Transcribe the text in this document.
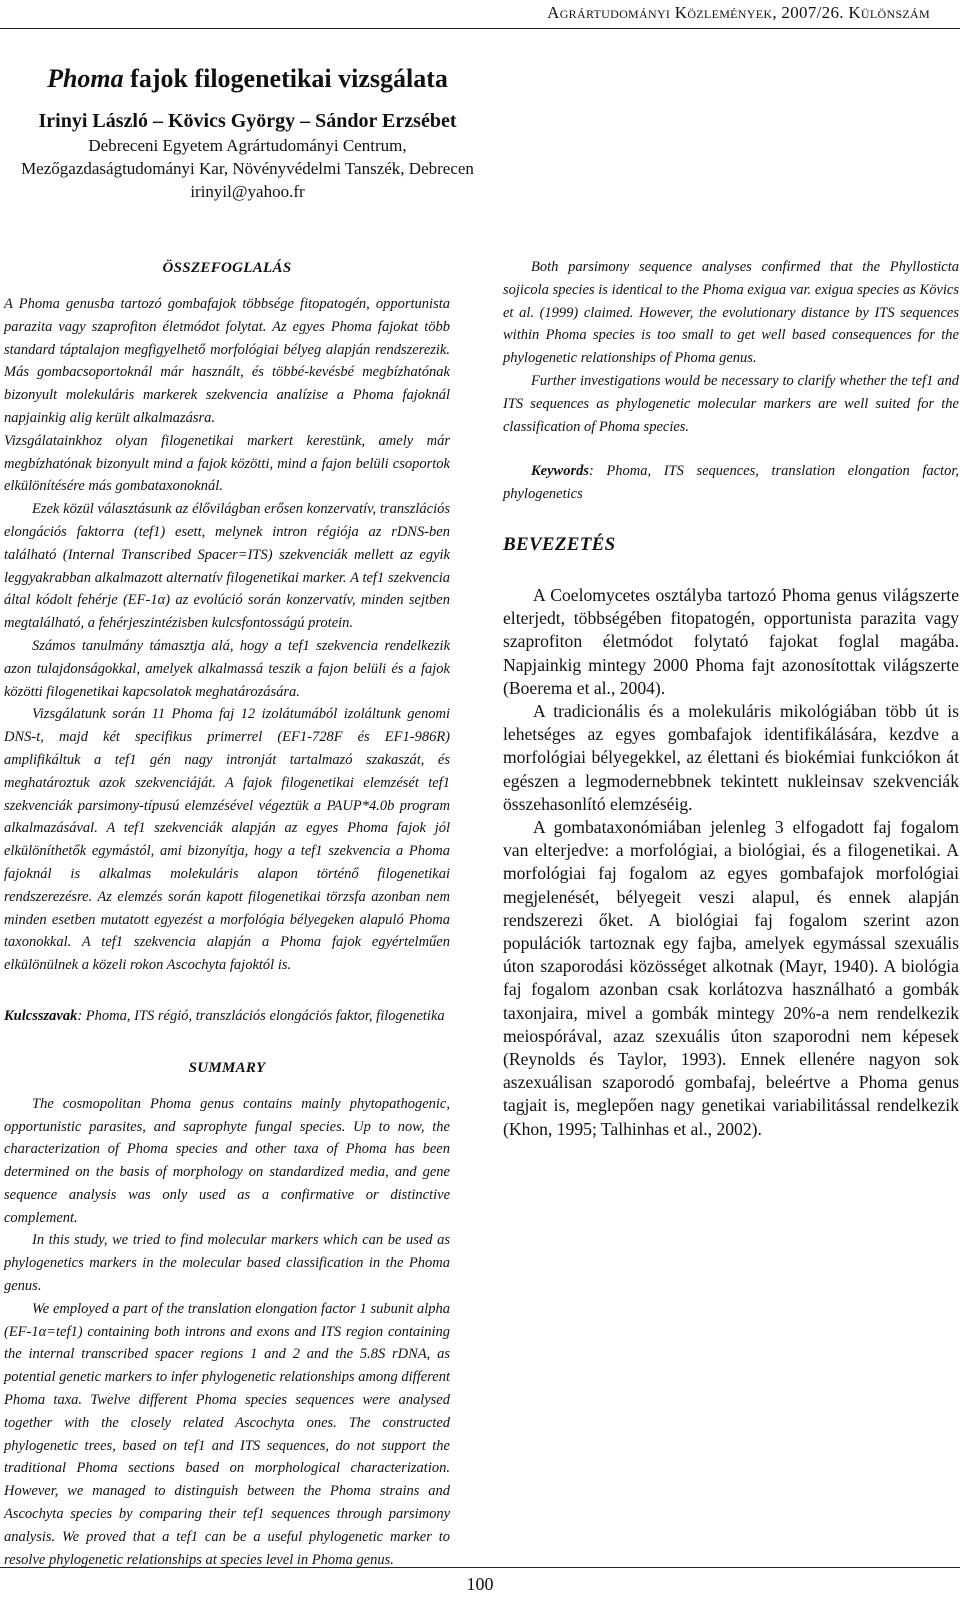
Agrártudományi Közlemények, 2007/26. Különszám
Phoma fajok filogenetikai vizsgálata
Irinyi László – Kövics György – Sándor Erzsébet
Debreceni Egyetem Agrártudományi Centrum,
Mezőgazdaságtudományi Kar, Növényvédelmi Tanszék, Debrecen
irinyil@yahoo.fr
ÖSSZEFOGLALÁS

A Phoma genusba tartozó gombafajok többsége fitopatogén, opportunista parazita vagy szaprofiton életmódot folytat. Az egyes Phoma fajokat több standard táptalajon megfigyelhető morfológiai bélyeg alapján rendszerezik. Más gombacsoportoknál már használt, és többé-kevésbé megbízhatónak bizonyult molekuláris markerek szekvencia analízise a Phoma fajoknál napjainkig alig került alkalmazásra.

Vizsgálatainkhoz olyan filogenetikai markert kerestünk, amely már megbízhatónak bizonyult mind a fajok közötti, mind a fajon belüli csoportok elkülönítésére más gombataxonoknál.

Ezek közül választásunk az élővilágban erősen konzervatív, transzlációs elongációs faktorra (tef1) esett, melynek intron régiója az rDNS-ben található (Internal Transcribed Spacer=ITS) szekvenciák mellett az egyik leggyakrabban alkalmazott alternatív filogenetikai marker. A tef1 szekvencia által kódolt fehérje (EF-1α) az evolúció során konzervatív, minden sejtben megtalálható, a fehérjeszintézisben kulcsfontosságú protein.

Számos tanulmány támasztja alá, hogy a tef1 szekvencia rendelkezik azon tulajdonságokkal, amelyek alkalmassá teszik a fajon belüli és a fajok közötti filogenetikai kapcsolatok meghatározására.

Vizsgálatunk során 11 Phoma faj 12 izolátumából izoláltunk genomi DNS-t, majd két specifikus primerrel (EF1-728F és EF1-986R) amplifikáltuk a tef1 gén nagy intronját tartalmazó szakaszát, és meghatároztuk azok szekvenciáját. A fajok filogenetikai elemzését tef1 szekvenciák parsimony-típusú elemzésével végeztük a PAUP*4.0b program alkalmazásával. A tef1 szekvenciák alapján az egyes Phoma fajok jól elkülöníthetők egymástól, ami bizonyítja, hogy a tef1 szekvencia a Phoma fajoknál is alkalmas molekuláris alapon történő filogenetikai rendszerezésre. Az elemzés során kapott filogenetikai törzsfa azonban nem minden esetben mutatott egyezést a morfológia bélyegeken alapuló Phoma taxonokkal. A tef1 szekvencia alapján a Phoma fajok egyértelműen elkülönülnek a közeli rokon Ascochyta fajoktól is.

Kulcsszavak: Phoma, ITS régió, transzlációs elongációs faktor, filogenetika

SUMMARY

The cosmopolitan Phoma genus contains mainly phytopathogenic, opportunistic parasites, and saprophyte fungal species. Up to now, the characterization of Phoma species and other taxa of Phoma has been determined on the basis of morphology on standardized media, and gene sequence analysis was only used as a confirmative or distinctive complement.

In this study, we tried to find molecular markers which can be used as phylogenetics markers in the molecular based classification in the Phoma genus.

We employed a part of the translation elongation factor 1 subunit alpha (EF-1α=tef1) containing both introns and exons and ITS region containing the internal transcribed spacer regions 1 and 2 and the 5.8S rDNA, as potential genetic markers to infer phylogenetic relationships among different Phoma taxa. Twelve different Phoma species sequences were analysed together with the closely related Ascochyta ones. The constructed phylogenetic trees, based on tef1 and ITS sequences, do not support the traditional Phoma sections based on morphological characterization. However, we managed to distinguish between the Phoma strains and Ascochyta species by comparing their tef1 sequences through parsimony analysis. We proved that a tef1 can be a useful phylogenetic marker to resolve phylogenetic relationships at species level in Phoma genus.

Both parsimony sequence analyses confirmed that the Phyllosticta sojicola species is identical to the Phoma exigua var. exigua species as Kövics et al. (1999) claimed. However, the evolutionary distance by ITS sequences within Phoma species is too small to get well based consequences for the phylogenetic relationships of Phoma genus.

Further investigations would be necessary to clarify whether the tef1 and ITS sequences as phylogenetic molecular markers are well suited for the classification of Phoma species.

Keywords: Phoma, ITS sequences, translation elongation factor, phylogenetics

BEVEZETÉS

A Coelomycetes osztályba tartozó Phoma genus világszerte elterjedt, többségében fitopatogén, opportunista parazita vagy szaprofiton életmódot folytató fajokat foglal magába. Napjainkig mintegy 2000 Phoma fajt azonosítottak világszerte (Boerema et al., 2004).

A tradicionális és a molekuláris mikológiában több út is lehetséges az egyes gombafajok identifikálására, kezdve a morfológiai bélyegekkel, az élettani és biokémiai funkciókon át egészen a legmodernebbnek tekintett nukleinsav szekvenciák összehasonlító elemzéséig.

A gombataxonómiában jelenleg 3 elfogadott faj fogalom van elterjedve: a morfológiai, a biológiai, és a filogenetikai. A morfológiai faj fogalom az egyes gombafajok morfológiai megjelenését, bélyegeit veszi alapul, és ennek alapján rendszerezi őket. A biológiai faj fogalom szerint azon populációk tartoznak egy fajba, amelyek egymással szexuális úton szaporodási közösséget alkotnak (Mayr, 1940). A biológia faj fogalom azonban csak korlátozva használható a gombák taxonjaira, mivel a gombák mintegy 20%-a nem rendelkezik meiospórával, azaz szexuális úton szaporodni nem képesek (Reynolds és Taylor, 1993). Ennek ellenére nagyon sok aszexuálisan szaporodó gombafaj, beleértve a Phoma genus tagjait is, meglepően nagy genetikai variabilitással rendelkezik (Khon, 1995; Talhinhas et al., 2002).

100
